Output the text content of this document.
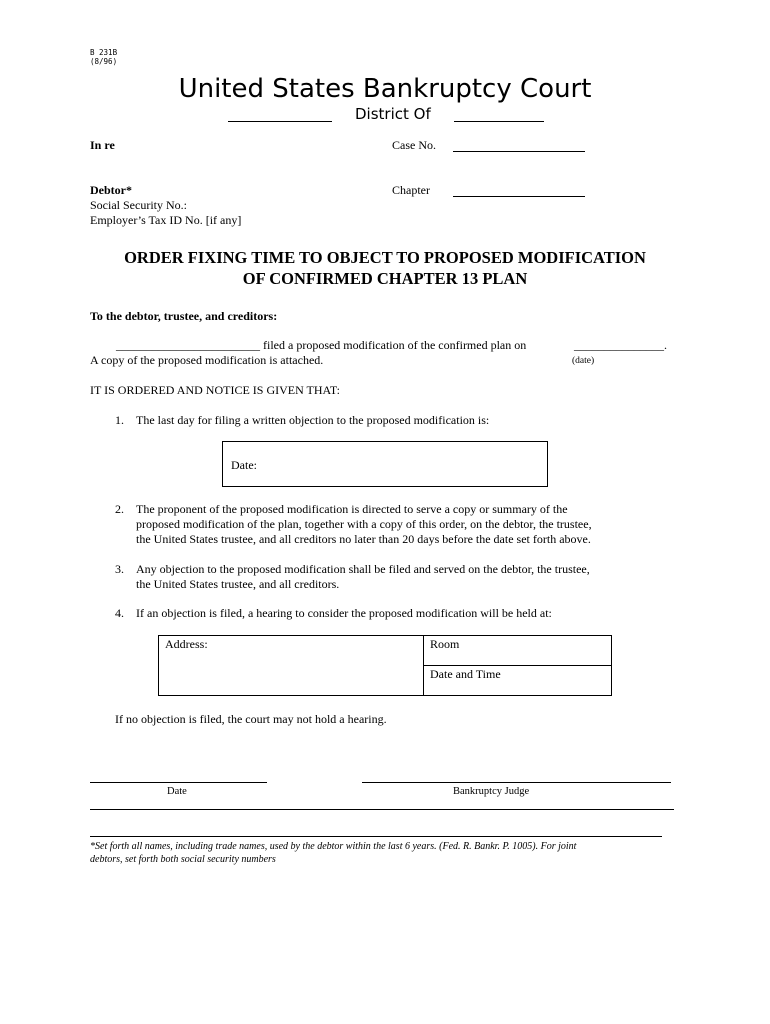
B 231B
(8/96)
United States Bankruptcy Court
District Of
In re	Case No.
Debtor*	Chapter
Social Security No.:
Employer’s Tax ID No. [if any]
ORDER FIXING TIME TO OBJECT TO PROPOSED MODIFICATION
OF CONFIRMED CHAPTER 13 PLAN
To the debtor, trustee, and creditors:
________________________ filed a proposed modification of the confirmed plan on	_______________.
A copy of the proposed modification is attached.	(date)
IT IS ORDERED AND NOTICE IS GIVEN THAT:
1. The last day for filing a written objection to the proposed modification is:
Date:
2. The proponent of the proposed modification is directed to serve a copy or summary of the
proposed modification of the plan, together with a copy of this order, on the debtor, the trustee,
the United States trustee, and all creditors no later than 20 days before the date set forth above.
3. Any objection to the proposed modification shall be filed and served on the debtor, the trustee,
the United States trustee, and all creditors.
4. If an objection is filed, a hearing to consider the proposed modification will be held at:
Address:	Room
Date and Time
If no objection is filed, the court may not hold a hearing.
Date	Bankruptcy Judge
*Set forth all names, including trade names, used by the debtor within the last 6 years. (Fed. R. Bankr. P. 1005). For joint
debtors, set forth both social security numbers
